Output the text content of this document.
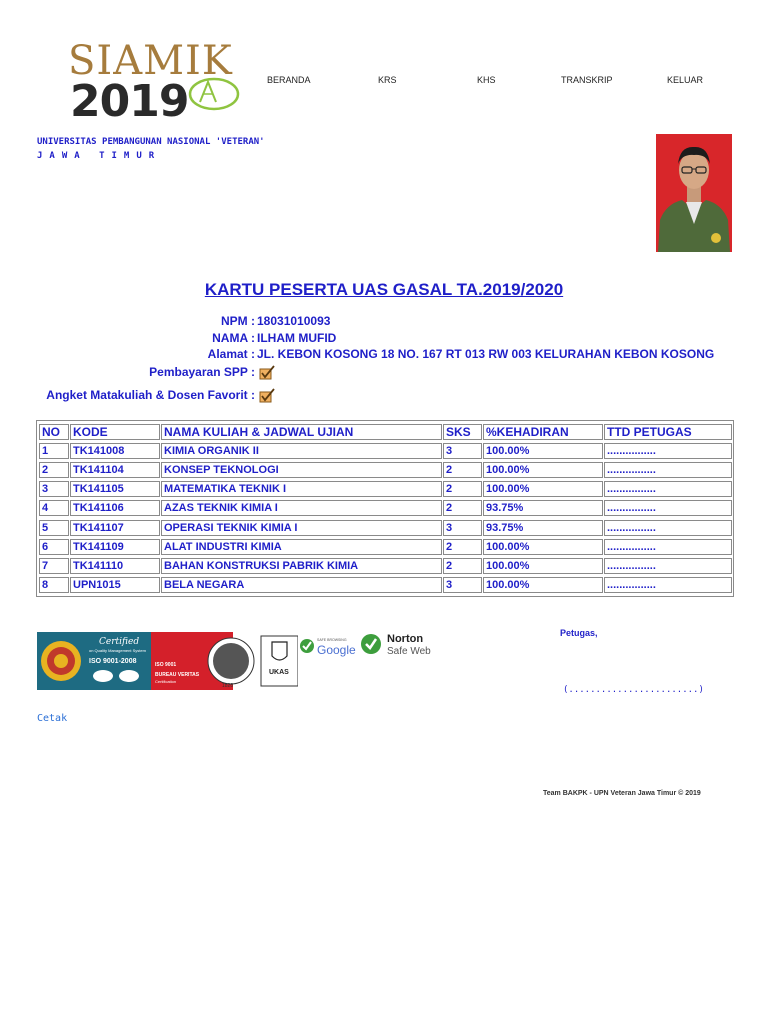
SIAMIK
2019	BERANDA	KRS	KHS	TRANSKRIP	KELUAR
UNIVERSITAS PEMBANGUNAN NASIONAL 'VETERAN'
JAWA TIMUR
KARTU PESERTA UAS GASAL TA.2019/2020
NPM : 18031010093
NAMA : ILHAM MUFID
Alamat : JL. KEBON KOSONG 18 NO. 167 RT 013 RW 003 KELURAHAN KEBON KOSONG
Pembayaran SPP :
Angket Matakuliah & Dosen Favorit :
NO	KODE	NAMA KULIAH & JADWAL UJIAN	SKS	%KEHADIRAN	TTD PETUGAS
1	TK141008	KIMIA ORGANIK II	3	100.00%	................
2	TK141104	KONSEP TEKNOLOGI	2	100.00%	................
3	TK141105	MATEMATIKA TEKNIK I	2	100.00%	................
4	TK141106	AZAS TEKNIK KIMIA I	2	93.75%	................
5	TK141107	OPERASI TEKNIK KIMIA I	3	93.75%	................
6	TK141109	ALAT INDUSTRI KIMIA	2	100.00%	................
7	TK141110	BAHAN KONSTRUKSI PABRIK KIMIA	2	100.00%	................
8	UPN1015	BELA NEGARA	3	100.00%	................
Certified
on Quality Management System
ISO 9001-2008	ISO 9001
BUREAU VERITAS
Certification
1828
UKAS
SAFE BROWSING
Google
Norton
Safe Web
Petugas,
(........................)
Cetak
Team BAKPK - UPN Veteran Jawa Timur © 2019
